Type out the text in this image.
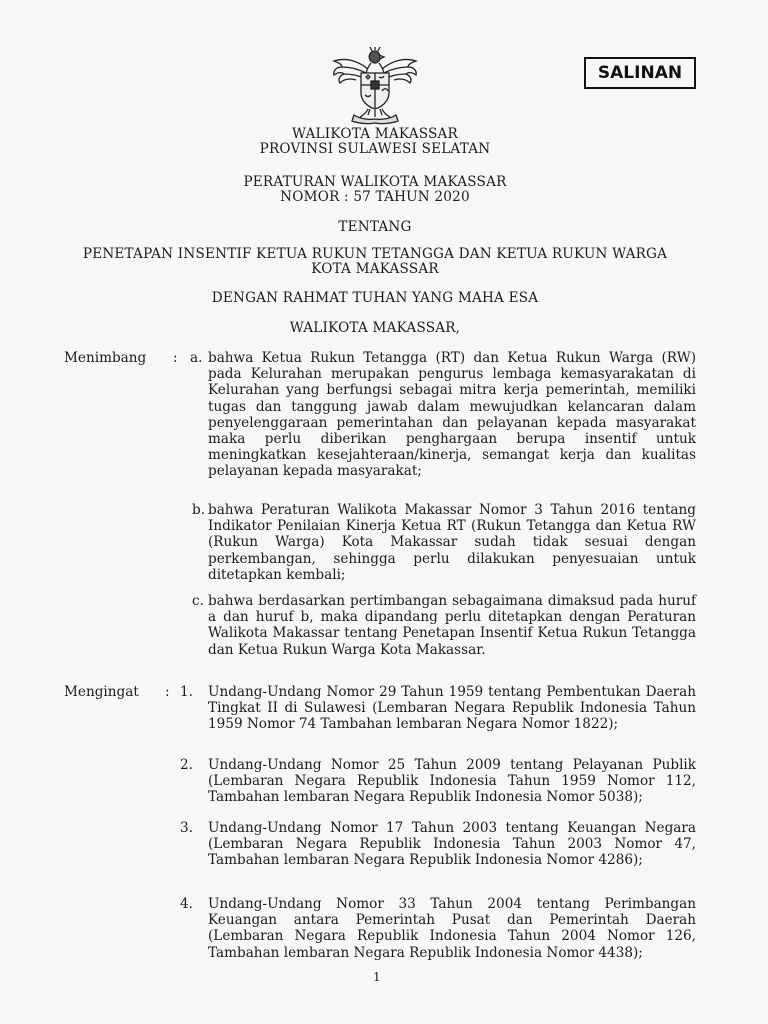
SALINAN
WALIKOTA MAKASSAR
PROVINSI SULAWESI SELATAN
PERATURAN WALIKOTA MAKASSAR
NOMOR : 57 TAHUN 2020
TENTANG
PENETAPAN INSENTIF KETUA RUKUN TETANGGA DAN KETUA RUKUN WARGA
KOTA MAKASSAR
DENGAN RAHMAT TUHAN YANG MAHA ESA
WALIKOTA MAKASSAR,
Menimbang : a. bahwa Ketua Rukun Tetangga (RT) dan Ketua Rukun Warga (RW) pada Kelurahan merupakan pengurus lembaga kemasyarakatan di Kelurahan yang berfungsi sebagai mitra kerja pemerintah, memiliki tugas dan tanggung jawab dalam mewujudkan kelancaran dalam penyelenggaraan pemerintahan dan pelayanan kepada masyarakat maka perlu diberikan penghargaan berupa insentif untuk meningkatkan kesejahteraan/kinerja, semangat kerja dan kualitas pelayanan kepada masyarakat;
b. bahwa Peraturan Walikota Makassar Nomor 3 Tahun 2016 tentang Indikator Penilaian Kinerja Ketua RT (Rukun Tetangga dan Ketua RW (Rukun Warga) Kota Makassar sudah tidak sesuai dengan perkembangan, sehingga perlu dilakukan penyesuaian untuk ditetapkan kembali;
c. bahwa berdasarkan pertimbangan sebagaimana dimaksud pada huruf a dan huruf b, maka dipandang perlu ditetapkan dengan Peraturan Walikota Makassar tentang Penetapan Insentif Ketua Rukun Tetangga dan Ketua Rukun Warga Kota Makassar.
Mengingat : 1. Undang-Undang Nomor 29 Tahun 1959 tentang Pembentukan Daerah Tingkat II di Sulawesi (Lembaran Negara Republik Indonesia Tahun 1959 Nomor 74 Tambahan lembaran Negara Nomor 1822);
2. Undang-Undang Nomor 25 Tahun 2009 tentang Pelayanan Publik (Lembaran Negara Republik Indonesia Tahun 1959 Nomor 112, Tambahan lembaran Negara Republik Indonesia Nomor 5038);
3. Undang-Undang Nomor 17 Tahun 2003 tentang Keuangan Negara (Lembaran Negara Republik Indonesia Tahun 2003 Nomor 47, Tambahan lembaran Negara Republik Indonesia Nomor 4286);
4. Undang-Undang Nomor 33 Tahun 2004 tentang Perimbangan Keuangan antara Pemerintah Pusat dan Pemerintah Daerah (Lembaran Negara Republik Indonesia Tahun 2004 Nomor 126, Tambahan lembaran Negara Republik Indonesia Nomor 4438);
1
